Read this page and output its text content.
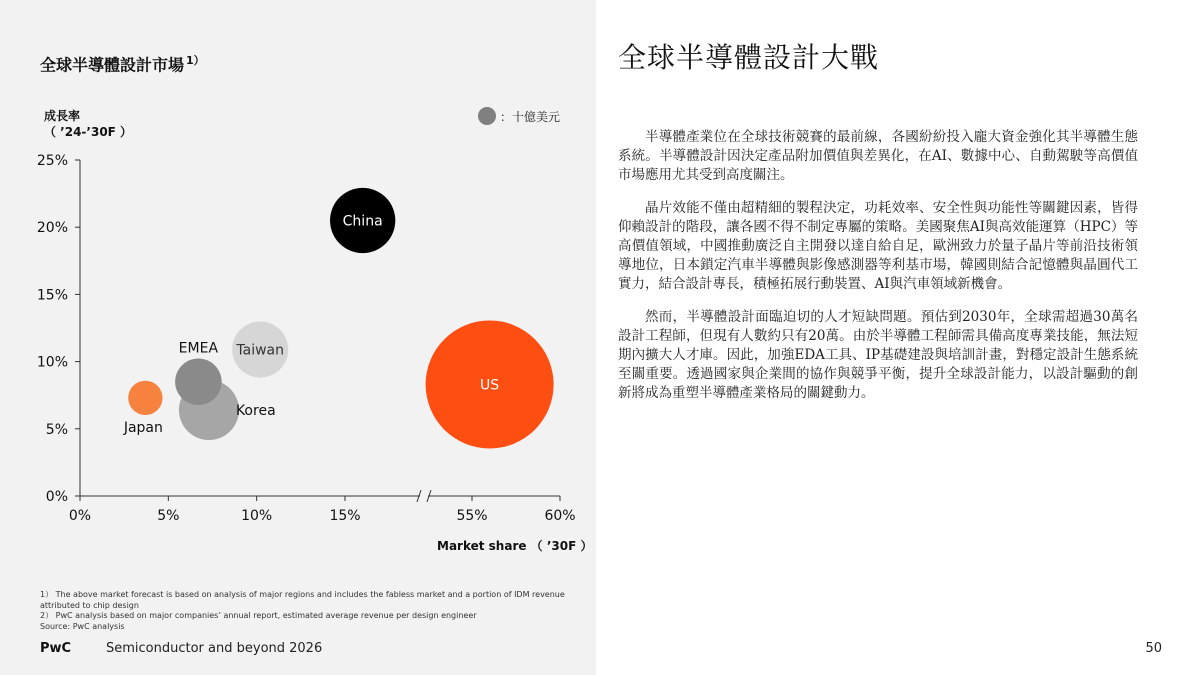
全球半導體設計市場 $^{1)}$
成長率
（ ’24-’30F ）
：十億美元
0%
5%
10%
15%
20%
25%
0%	5%	10%	15%	55%	60%
China
US
Taiwan
EMEA
Korea
Japan
Market share （ ’30F ）
1） The above market forecast is based on analysis of major regions and includes the fabless market and a portion of IDM revenue attributed to chip design
2） PwC analysis based on major companies’ annual report, estimated average revenue per design engineer
Source: PwC analysis
PwC	Semiconductor and beyond 2026
全球半導體設計大戰

半導體產業位在全球技術競賽的最前線，各國紛紛投入龐大資金強化其半導體生態系統。半導體設計因決定產品附加價值與差異化，在AI、數據中心、自動駕駛等高價值市場應用尤其受到高度關注。

晶片效能不僅由超精細的製程決定，功耗效率、安全性與功能性等關鍵因素，皆得仰賴設計的階段，讓各國不得不制定專屬的策略。美國聚焦AI與高效能運算（HPC）等高價值領域，中國推動廣泛自主開發以達自給自足，歐洲致力於量子晶片等前沿技術領導地位，日本鎖定汽車半導體與影像感測器等利基市場，韓國則結合記憶體與晶圓代工實力，結合設計專長，積極拓展行動裝置、AI與汽車領域新機會。

然而，半導體設計面臨迫切的人才短缺問題。預估到2030年，全球需超過30萬名設計工程師，但現有人數約只有20萬。由於半導體工程師需具備高度專業技能，無法短期內擴大人才庫。因此，加強EDA工具、IP基礎建設與培訓計畫，對穩定設計生態系統至關重要。透過國家與企業間的協作與競爭平衡，提升全球設計能力，以設計驅動的創新將成為重塑半導體產業格局的關鍵動力。

50
